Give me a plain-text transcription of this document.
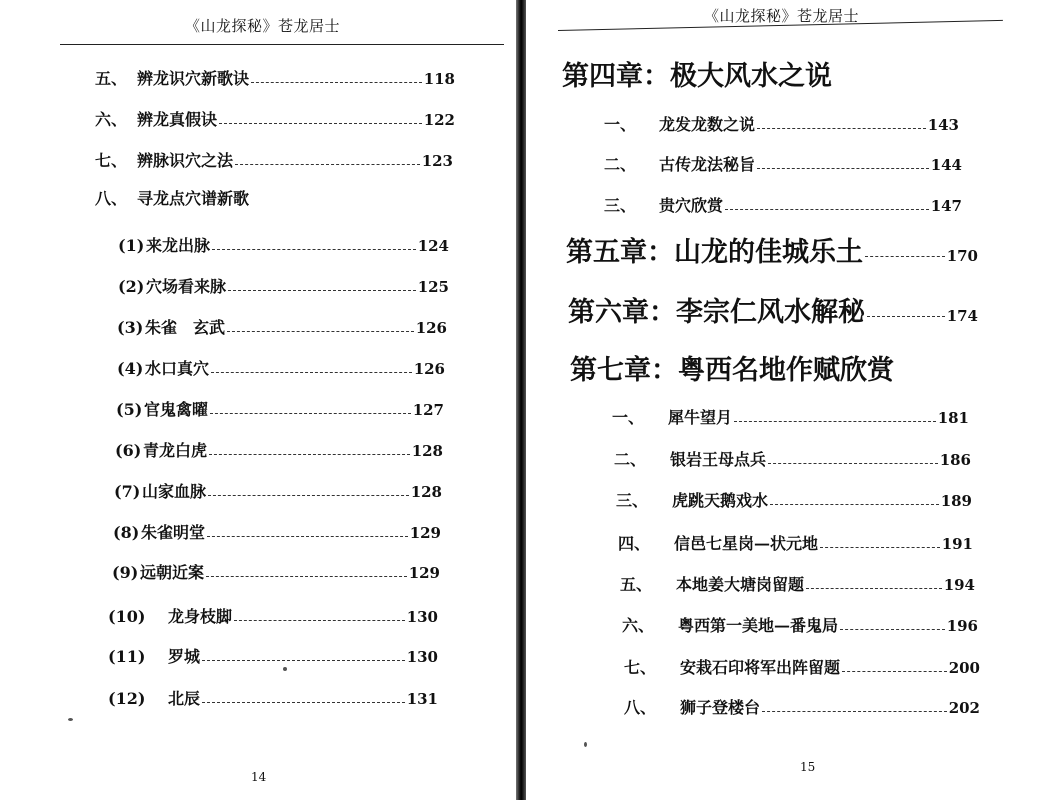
《山龙探秘》苍龙居士
五、 辨龙识穴新歌诀	118
六、 辨龙真假诀	122
七、 辨脉识穴之法	123
八、 寻龙点穴谱新歌
(1) 来龙出脉	124
(2) 穴场看来脉	125
(3) 朱雀　玄武	126
(4) 水口真穴	126
(5) 官鬼禽曜	127
(6) 青龙白虎	128
(7) 山家血脉	128
(8) 朱雀明堂	129
(9) 远朝近案	129
(10)	龙身枝脚	130
(11)	罗城	130
(12)	北辰	131
14
《山龙探秘》苍龙居士
第四章：极大风水之说
一、	龙发龙数之说	143
二、	古传龙法秘旨	144
三、	贵穴欣赏	147
第五章：山龙的佳城乐土	170
第六章：李宗仁风水解秘	174
第七章：粤西名地作赋欣赏
一、	犀牛望月	181
二、	银岩王母点兵	186
三、	虎跳天鹅戏水	189
四、	信邑七星岗—状元地	191
五、	本地姜大塘岗留题	194
六、	粤西第一美地—番鬼局	196
七、	安栽石印将军出阵留题	200
八、	狮子登楼台	202
15
